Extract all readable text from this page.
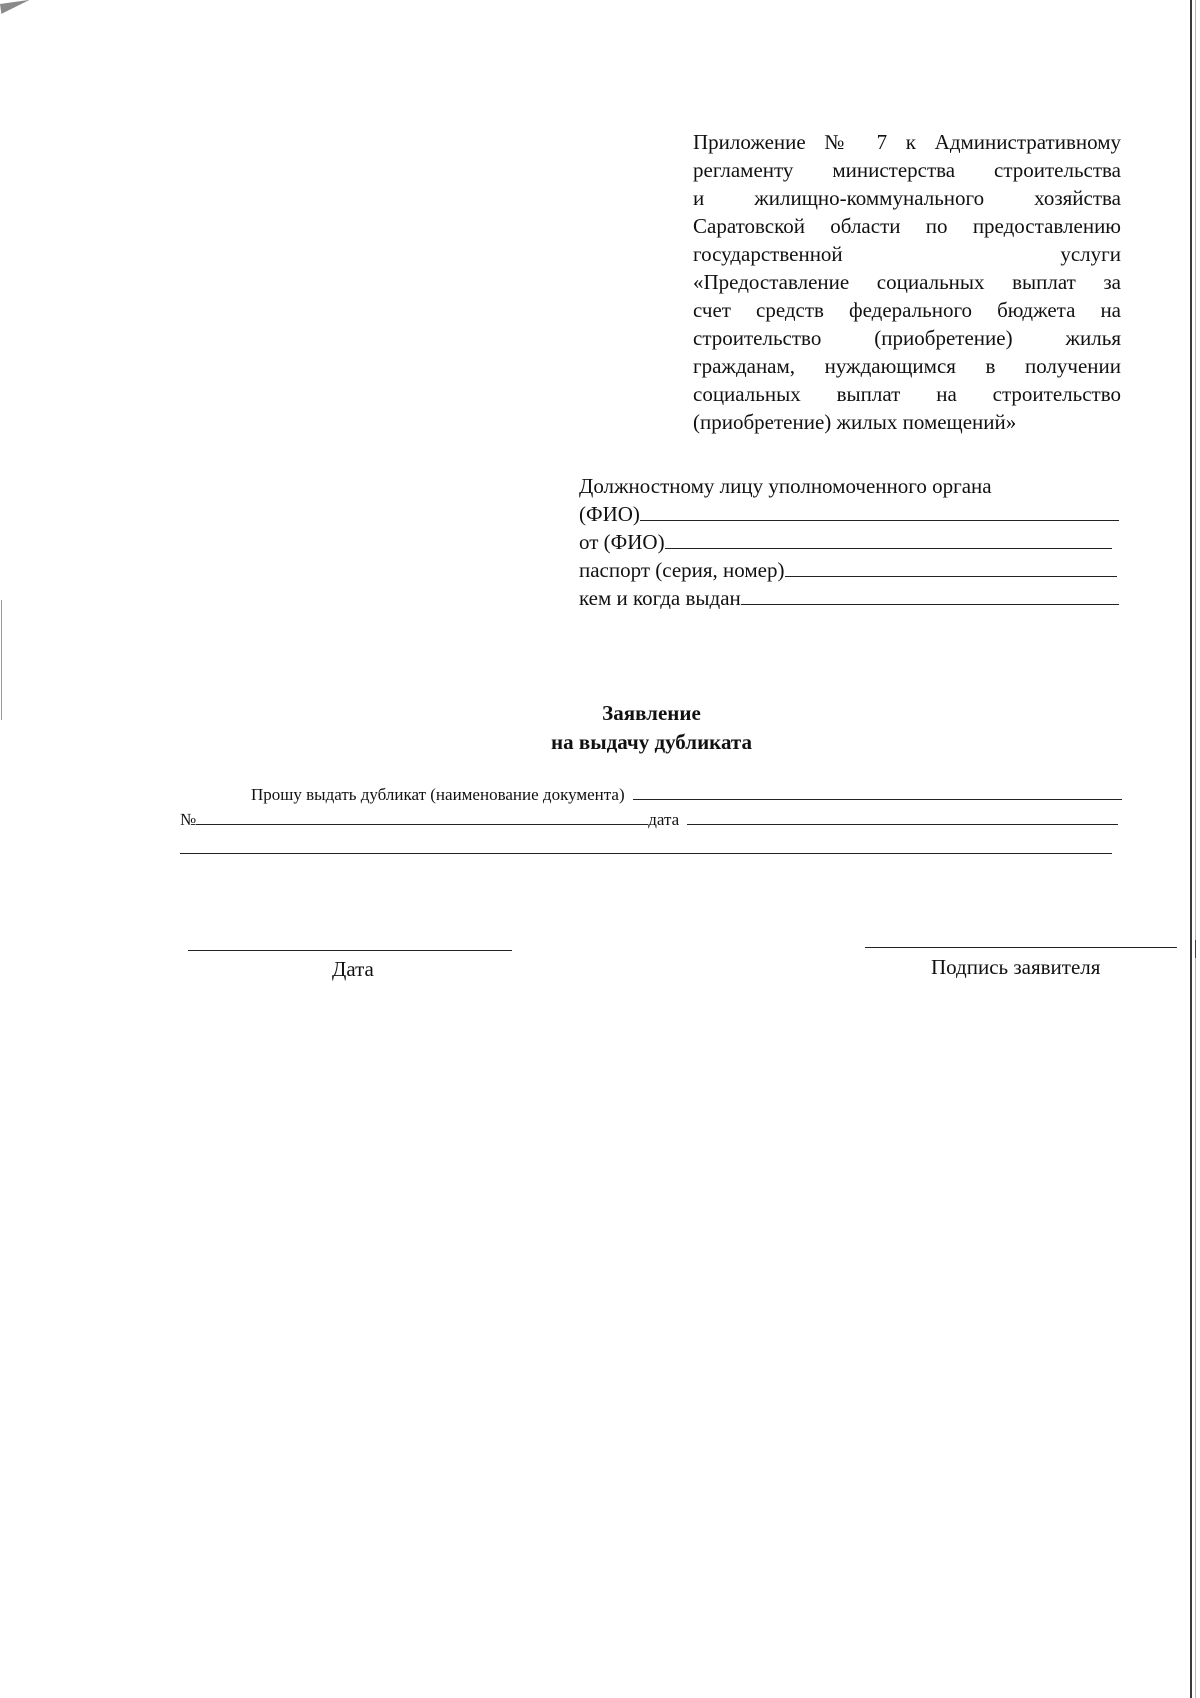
Приложение № 7 к Административному
регламенту министерства строительства
и жилищно-коммунального хозяйства
Саратовской области по предоставлению
государственной услуги
«Предоставление социальных выплат за
счет средств федерального бюджета на
строительство (приобретение) жилья
гражданам, нуждающимся в получении
социальных выплат на строительство
(приобретение) жилых помещений»
Должностному лицу уполномоченного органа
(ФИО)
от (ФИО)
паспорт (серия, номер)
кем и когда выдан
Заявление
на выдачу дубликата
Прошу выдать дубликат (наименование документа)
№	дата
Дата	Подпись заявителя
